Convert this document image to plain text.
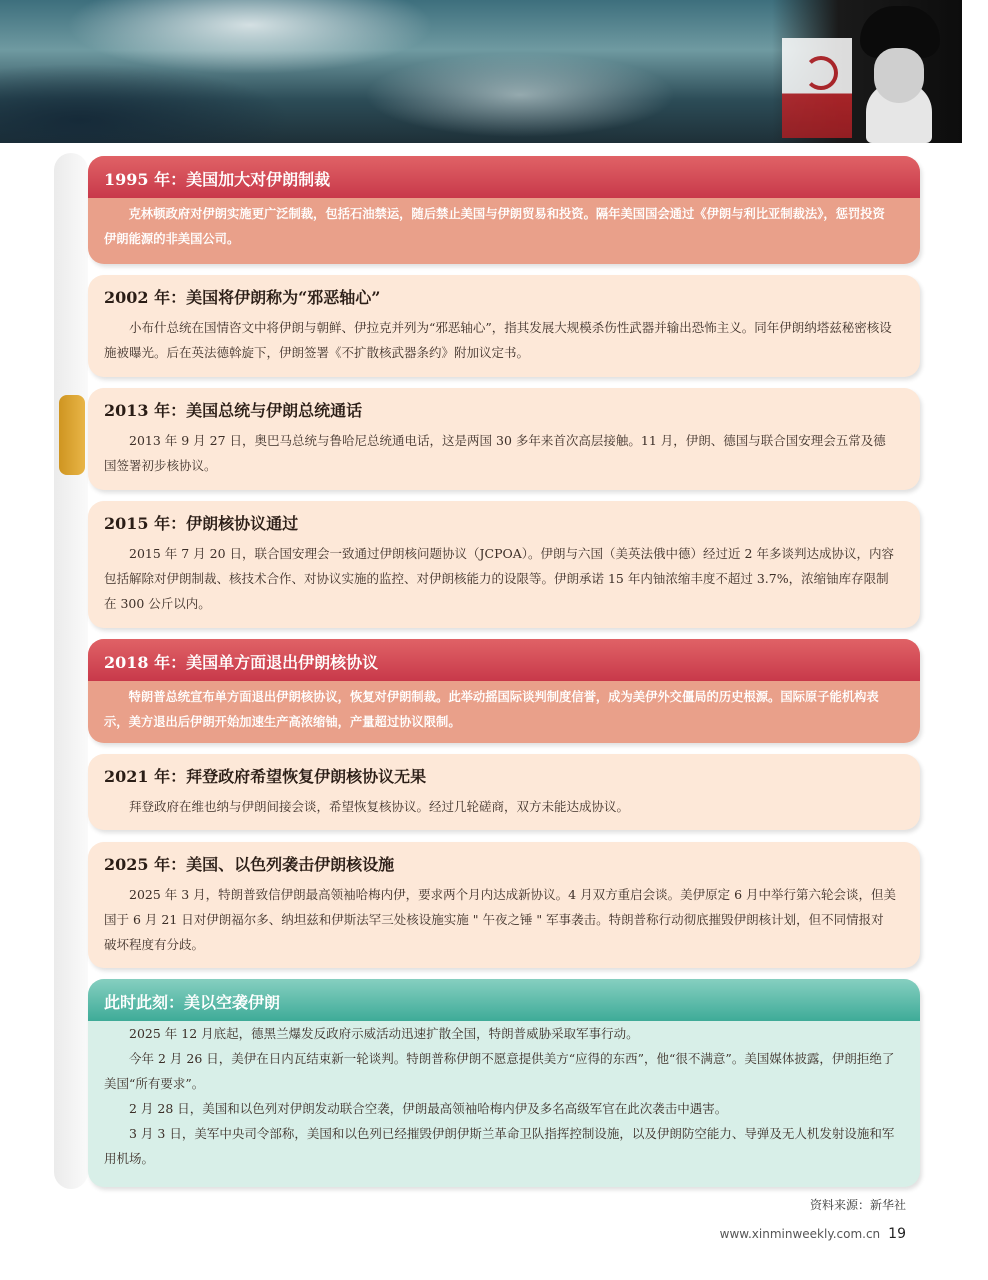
1995 年：美国加大对伊朗制裁

克林顿政府对伊朗实施更广泛制裁，包括石油禁运，随后禁止美国与伊朗贸易和投资。隔年美国国会通过《伊朗与利比亚制裁法》，惩罚投资伊朗能源的非美国公司。

2002 年：美国将伊朗称为“邪恶轴心”

小布什总统在国情咨文中将伊朗与朝鲜、伊拉克并列为“邪恶轴心”，指其发展大规模杀伤性武器并输出恐怖主义。同年伊朗纳塔兹秘密核设施被曝光。后在英法德斡旋下，伊朗签署《不扩散核武器条约》附加议定书。

2013 年：美国总统与伊朗总统通话

2013 年 9 月 27 日，奥巴马总统与鲁哈尼总统通电话，这是两国 30 多年来首次高层接触。11 月，伊朗、德国与联合国安理会五常及德国签署初步核协议。

2015 年：伊朗核协议通过

2015 年 7 月 20 日，联合国安理会一致通过伊朗核问题协议（JCPOA）。伊朗与六国（美英法俄中德）经过近 2 年多谈判达成协议，内容包括解除对伊朗制裁、核技术合作、对协议实施的监控、对伊朗核能力的设限等。伊朗承诺 15 年内铀浓缩丰度不超过 3.7%，浓缩铀库存限制在 300 公斤以内。

2018 年：美国单方面退出伊朗核协议

特朗普总统宣布单方面退出伊朗核协议，恢复对伊朗制裁。此举动摇国际谈判制度信誉，成为美伊外交僵局的历史根源。国际原子能机构表示，美方退出后伊朗开始加速生产高浓缩铀，产量超过协议限制。

2021 年：拜登政府希望恢复伊朗核协议无果

拜登政府在维也纳与伊朗间接会谈，希望恢复核协议。经过几轮磋商，双方未能达成协议。

2025 年：美国、以色列袭击伊朗核设施

2025 年 3 月，特朗普致信伊朗最高领袖哈梅内伊，要求两个月内达成新协议。4 月双方重启会谈。美伊原定 6 月中举行第六轮会谈，但美国于 6 月 21 日对伊朗福尔多、纳坦兹和伊斯法罕三处核设施实施 " 午夜之锤 " 军事袭击。特朗普称行动彻底摧毁伊朗核计划，但不同情报对破坏程度有分歧。

此时此刻：美以空袭伊朗

2025 年 12 月底起，德黑兰爆发反政府示威活动迅速扩散全国，特朗普威胁采取军事行动。

今年 2 月 26 日，美伊在日内瓦结束新一轮谈判。特朗普称伊朗不愿意提供美方“应得的东西”，他“很不满意”。美国媒体披露，伊朗拒绝了美国“所有要求”。

2 月 28 日，美国和以色列对伊朗发动联合空袭，伊朗最高领袖哈梅内伊及多名高级军官在此次袭击中遇害。

3 月 3 日，美军中央司令部称，美国和以色列已经摧毁伊朗伊斯兰革命卫队指挥控制设施，以及伊朗防空能力、导弹及无人机发射设施和军用机场。

资料来源：新华社
www.xinminweekly.com.cn 19
